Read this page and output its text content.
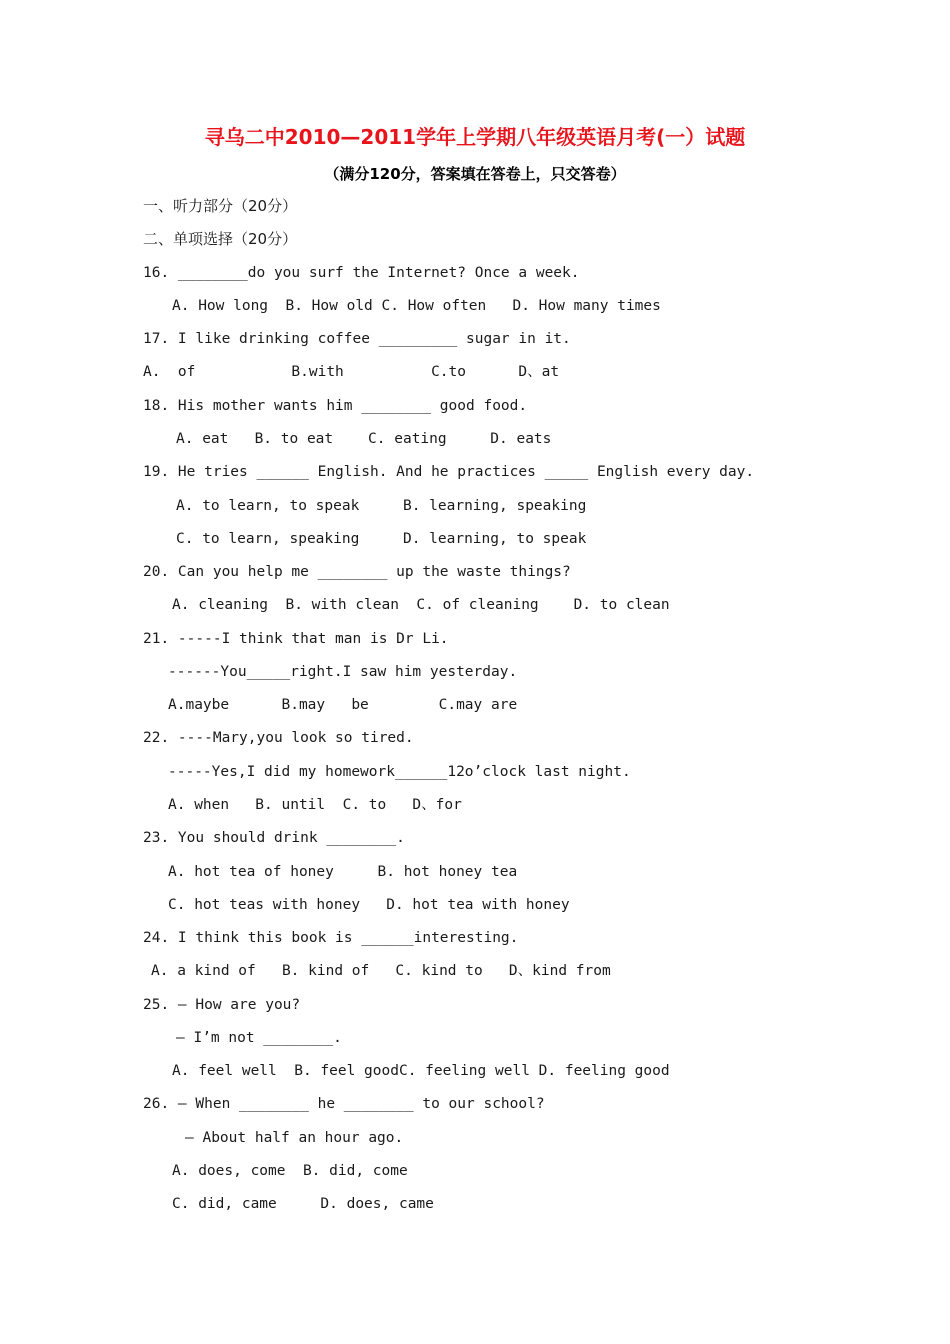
寻乌二中2010—2011学年上学期八年级英语月考(一）试题
（满分120分，答案填在答卷上，只交答卷）
一、听力部分（20分）
二、单项选择（20分）
16. ________do you surf the Internet? Once a week.
A. How long  B. How old C. How often   D. How many times
17. I like drinking coffee _________ sugar in it.
A.  of           B.with          C.to      D、at
18. His mother wants him ________ good food.
A. eat   B. to eat    C. eating     D. eats
19. He tries ______ English. And he practices _____ English every day.
A. to learn, to speak     B. learning, speaking
C. to learn, speaking     D. learning, to speak
20. Can you help me ________ up the waste things?
A. cleaning  B. with clean  C. of cleaning    D. to clean
21. -----I think that man is Dr Li.
------You_____right.I saw him yesterday.
A.maybe      B.may   be        C.may are
22. ----Mary,you look so tired.
-----Yes,I did my homework______12o’clock last night.
A. when   B. until  C. to   D、for
23. You should drink ________.
A. hot tea of honey     B. hot honey tea
C. hot teas with honey   D. hot tea with honey
24. I think this book is ______interesting.
A. a kind of   B. kind of   C. kind to   D、kind from
25. — How are you?
— I’m not ________.
A. feel well  B. feel goodC. feeling well D. feeling good
26. — When ________ he ________ to our school?
— About half an hour ago.
A. does, come  B. did, come
C. did, came     D. does, came
